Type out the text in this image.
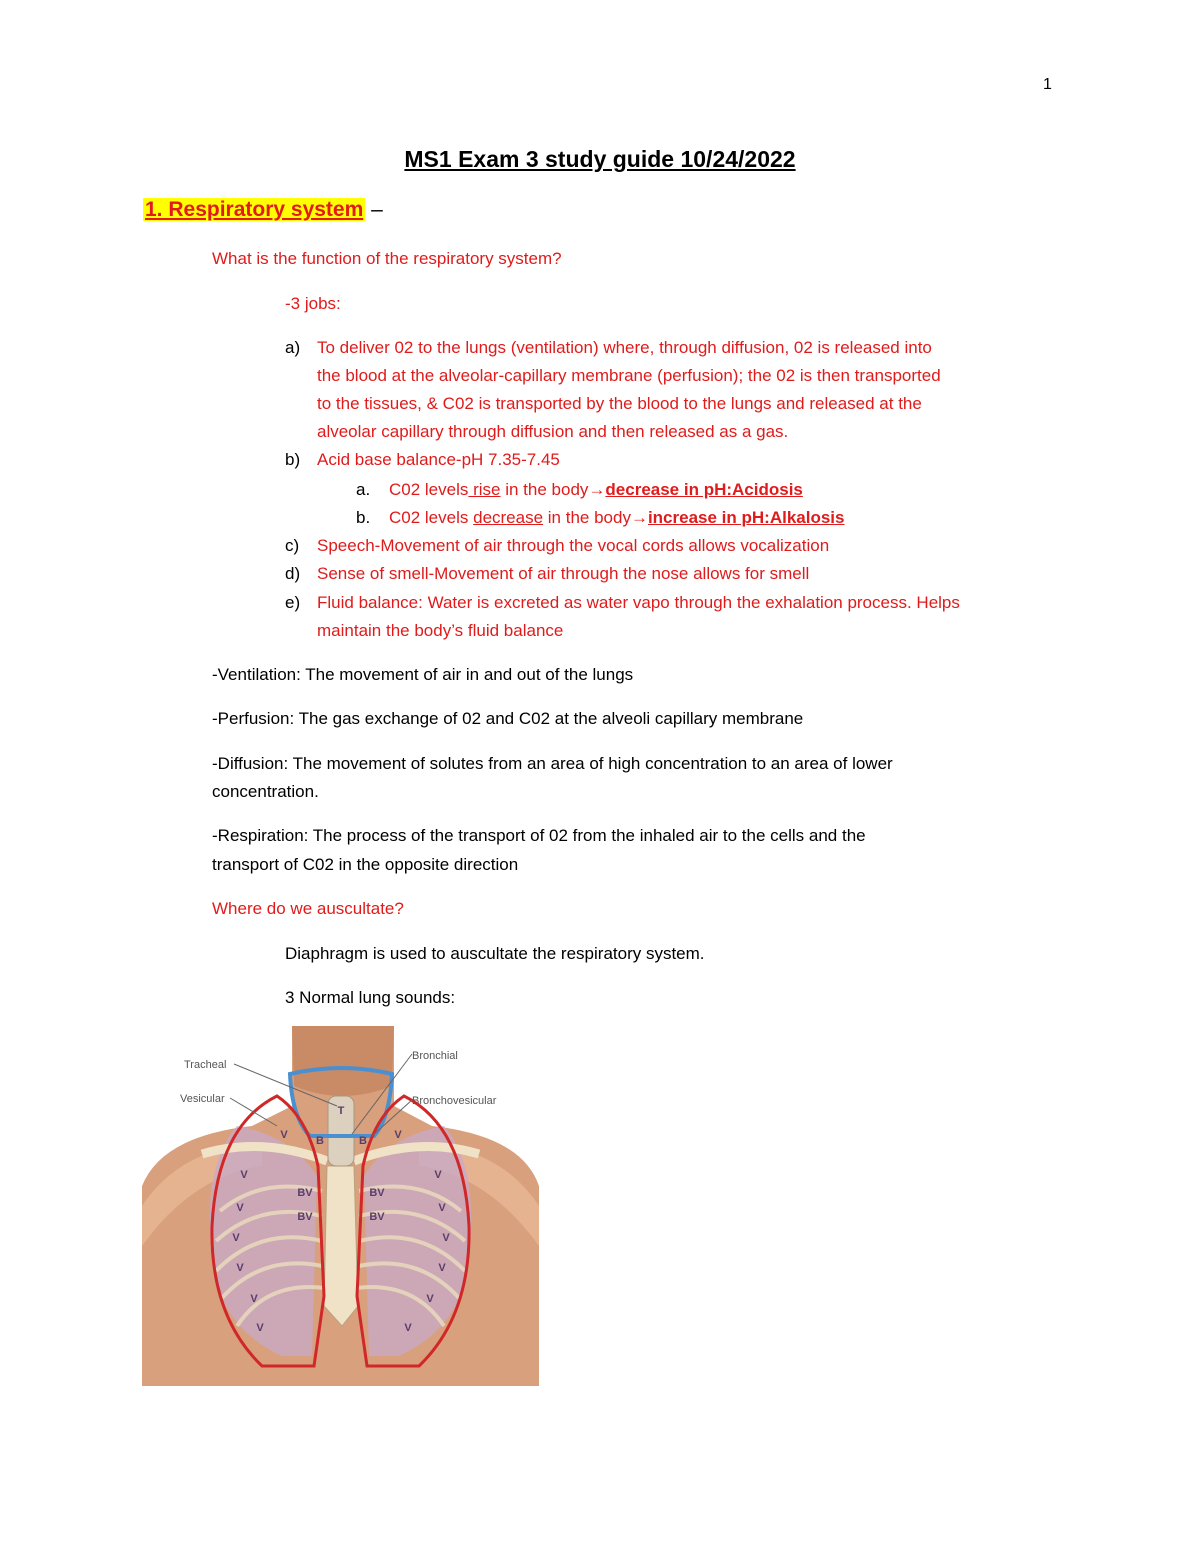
1
MS1 Exam 3 study guide 10/24/2022
1. Respiratory system –
What is the function of the respiratory system?
-3 jobs:
a) To deliver 02 to the lungs (ventilation) where, through diffusion, 02 is released into
the blood at the alveolar-capillary membrane (perfusion); the 02 is then transported
to the tissues, & C02 is transported by the blood to the lungs and released at the
alveolar capillary through diffusion and then released as a gas.
b) Acid base balance-pH 7.35-7.45
a. C02 levels rise in the body→decrease in pH:Acidosis
b. C02 levels decrease in the body→increase in pH:Alkalosis
c) Speech-Movement of air through the vocal cords allows vocalization
d) Sense of smell-Movement of air through the nose allows for smell
e) Fluid balance: Water is excreted as water vapo through the exhalation process. Helps
maintain the body’s fluid balance
-Ventilation: The movement of air in and out of the lungs
-Perfusion: The gas exchange of 02 and C02 at the alveoli capillary membrane
-Diffusion: The movement of solutes from an area of high concentration to an area of lower
concentration.
-Respiration: The process of the transport of 02 from the inhaled air to the cells and the
transport of C02 in the opposite direction
Where do we auscultate?
Diaphragm is used to auscultate the respiratory system.
3 Normal lung sounds:
Tracheal
Vesicular
Bronchial
Bronchovesicular
T
B	B
BV
BV
BV
BV
V	V
V	V
V	V
V	V
V	V
V	V
V	V
